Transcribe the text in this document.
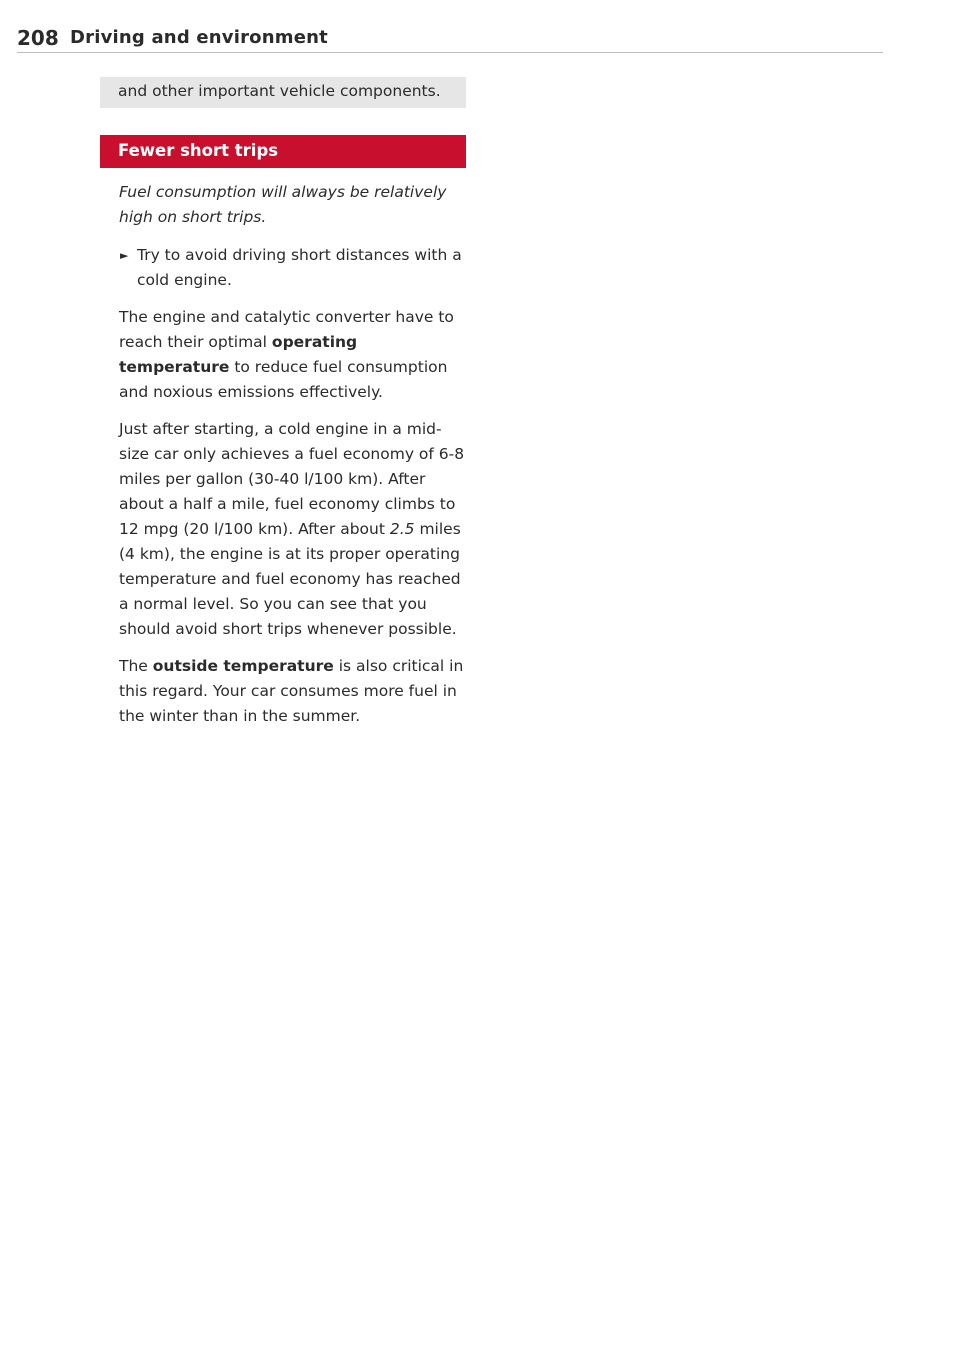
208 Driving and environment

and other important vehicle components.

Fewer short trips
Fuel consumption will always be relatively high on short trips.
► Try to avoid driving short distances with a cold engine.
The engine and catalytic converter have to reach their optimal operating temperature to reduce fuel consumption and noxious emissions effectively.
Just after starting, a cold engine in a mid-size car only achieves a fuel economy of 6-8 miles per gallon (30-40 l/100 km). After about a half a mile, fuel economy climbs to 12 mpg (20 l/100 km). After about 2.5 miles (4 km), the engine is at its proper operating temperature and fuel economy has reached a normal level. So you can see that you should avoid short trips whenever possible.
The outside temperature is also critical in this regard. Your car consumes more fuel in the winter than in the summer.
